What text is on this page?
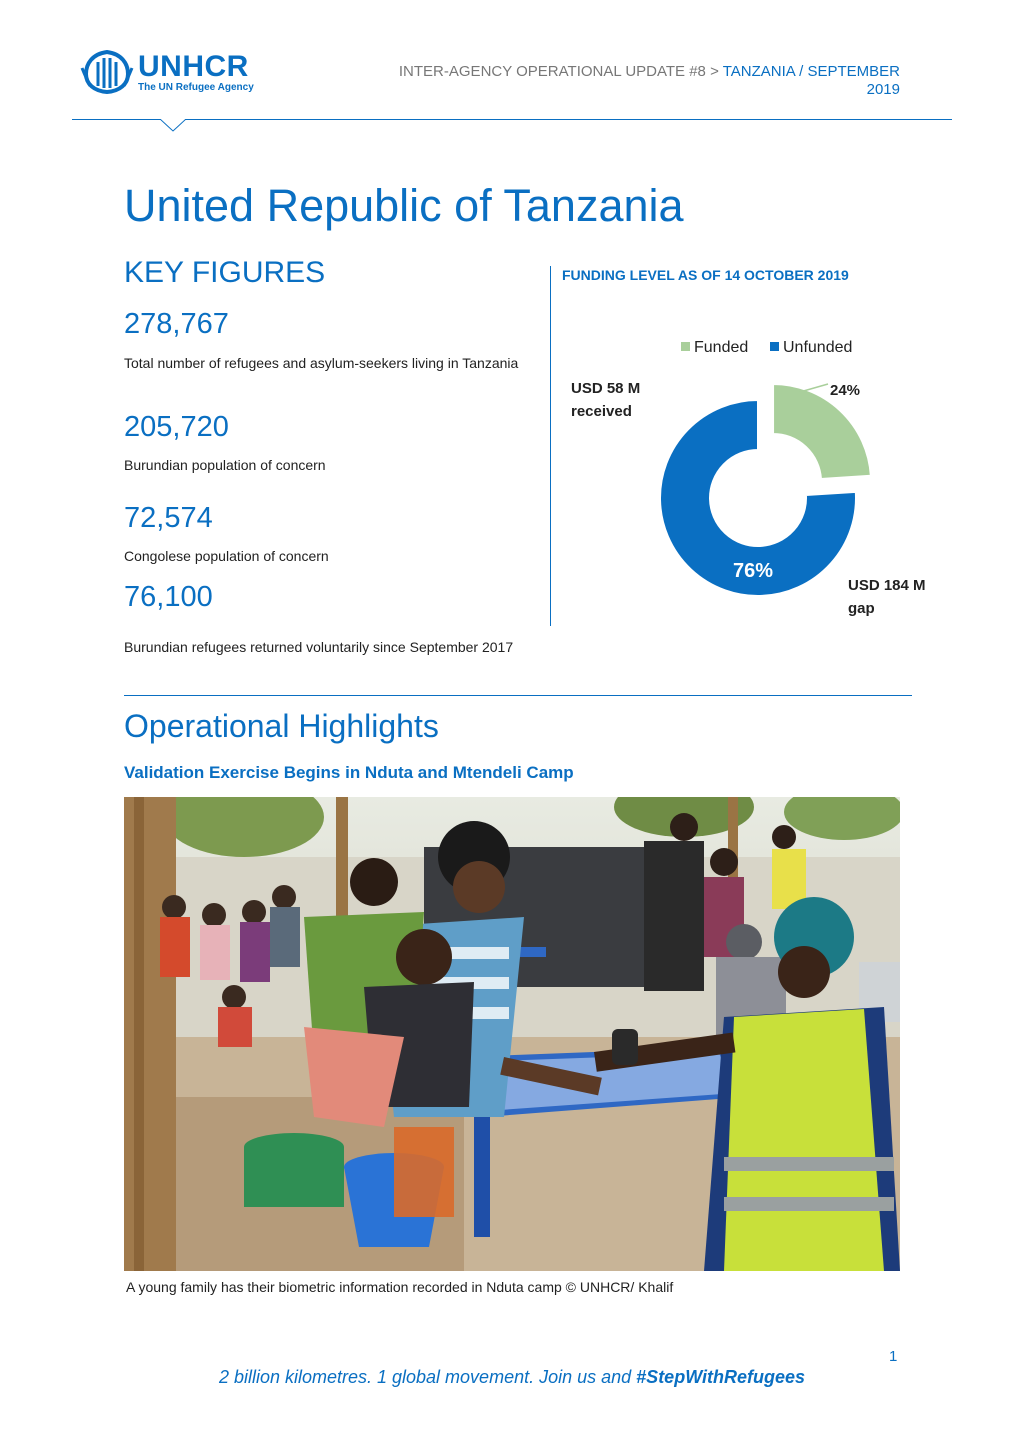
UNHCR
The UN Refugee Agency
INTER-AGENCY OPERATIONAL UPDATE #8 > TANZANIA / SEPTEMBER
2019
United Republic of Tanzania
KEY FIGURES
278,767
Total number of refugees and asylum-seekers living in Tanzania
205,720
Burundian population of concern
72,574
Congolese population of concern
76,100
Burundian refugees returned voluntarily since September 2017
FUNDING LEVEL AS OF 14 OCTOBER 2019
Funded Unfunded
24%
76%
USD 58 M
received
USD 184 M
gap
Operational Highlights
Validation Exercise Begins in Nduta and Mtendeli Camp
A young family has their biometric information recorded in Nduta camp © UNHCR/ Khalif
1
2 billion kilometres. 1 global movement. Join us and #StepWithRefugees
